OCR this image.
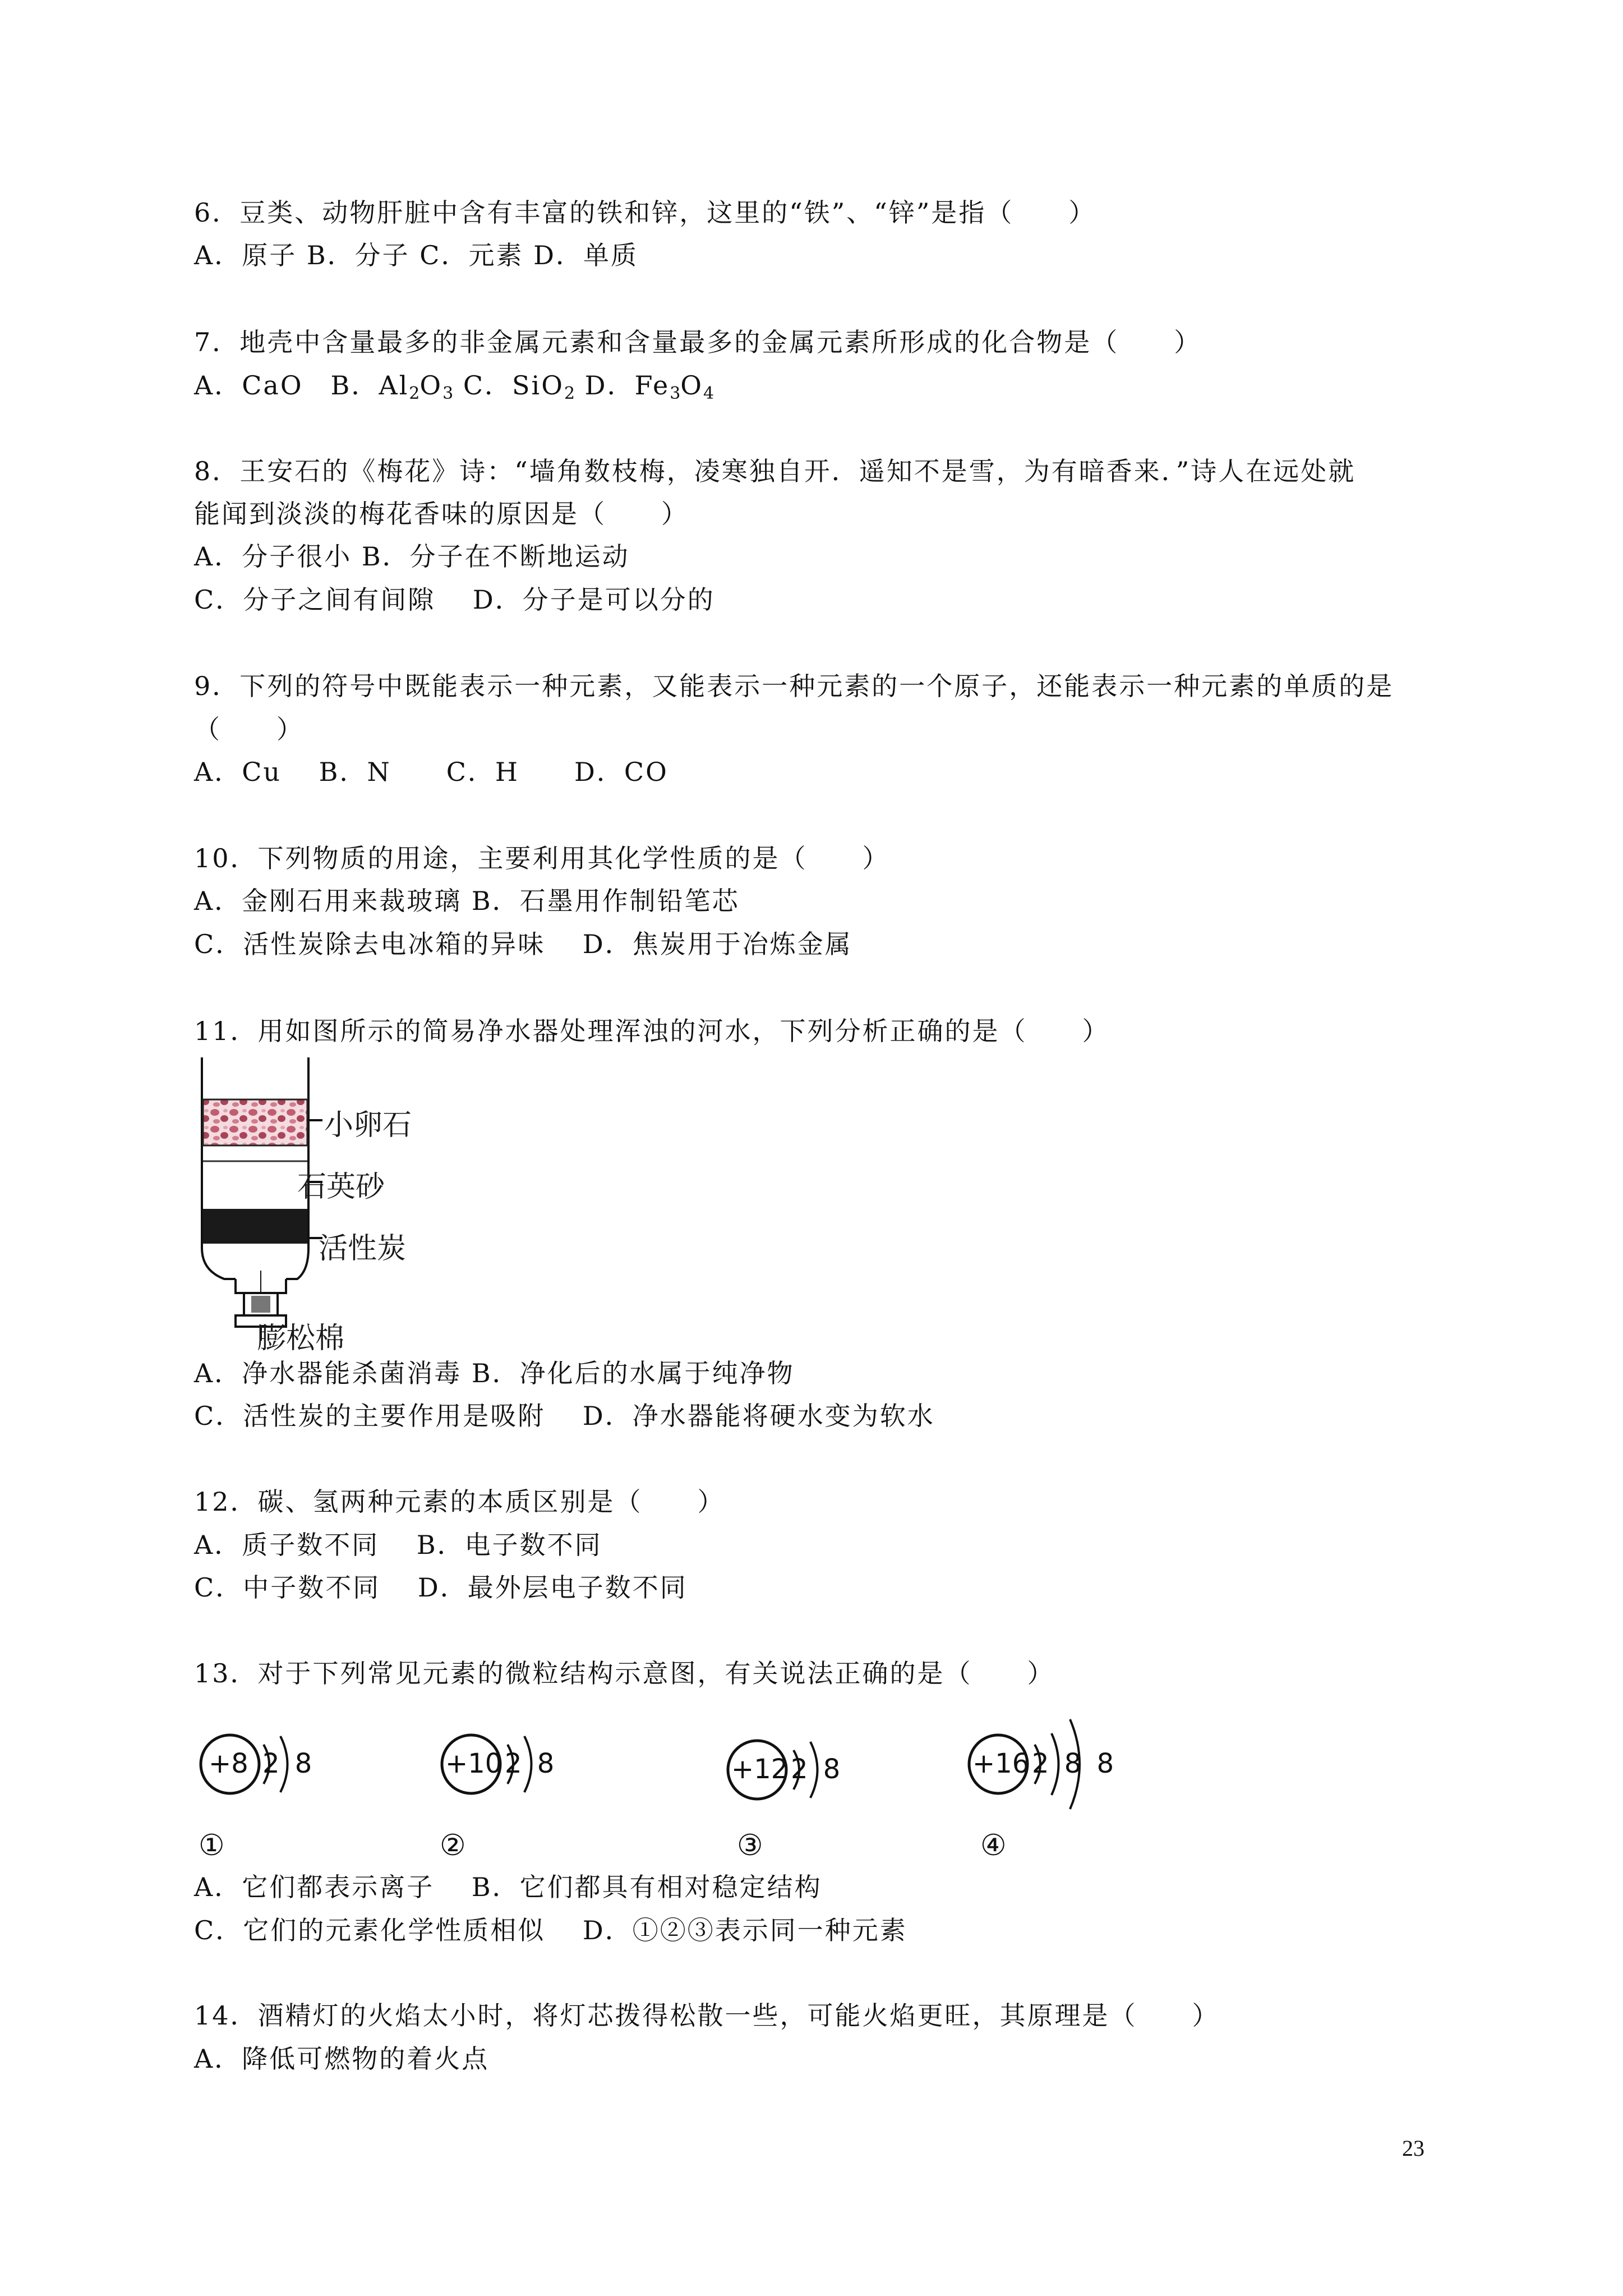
6．豆类、动物肝脏中含有丰富的铁和锌，这里的“铁”、“锌”是指（　　）
A．原子 B．分子 C．元素 D．单质
7．地壳中含量最多的非金属元素和含量最多的金属元素所形成的化合物是（　　）
A．CaO　B．$Al_2O_3$ C．SiO$_2$ D．$Fe_3O_4$
8．王安石的《梅花》诗：“墙角数枝梅，凌寒独自开．遥知不是雪，为有暗香来．”诗人在远处就
能闻到淡淡的梅花香味的原因是（　　）
A．分子很小 B．分子在不断地运动
C．分子之间有间隙　 D．分子是可以分的
9．下列的符号中既能表示一种元素，又能表示一种元素的一个原子，还能表示一种元素的单质的是
（　　）
A．Cu　 B．N　　C．H　　D．CO
10．下列物质的用途，主要利用其化学性质的是（　　）
A．金刚石用来裁玻璃 B．石墨用作制铅笔芯
C．活性炭除去电冰箱的异味　 D．焦炭用于冶炼金属
11．用如图所示的简易净水器处理浑浊的河水，下列分析正确的是（　　）
小卵石
石英砂
活性炭
膨松棉
A．净水器能杀菌消毒 B．净化后的水属于纯净物
C．活性炭的主要作用是吸附　 D．净水器能将硬水变为软水
12．碳、氢两种元素的本质区别是（　　）
A．质子数不同　 B．电子数不同
C．中子数不同　 D．最外层电子数不同
13．对于下列常见元素的微粒结构示意图，有关说法正确的是（　　）
+8 2 8
①
+10 2 8
②
+12 2 8
③
+16 2 8 8
④
A．它们都表示离子　 B．它们都具有相对稳定结构
C．它们的元素化学性质相似　 D．①②③表示同一种元素
14．酒精灯的火焰太小时，将灯芯拨得松散一些，可能火焰更旺，其原理是（　　）
A．降低可燃物的着火点
23
